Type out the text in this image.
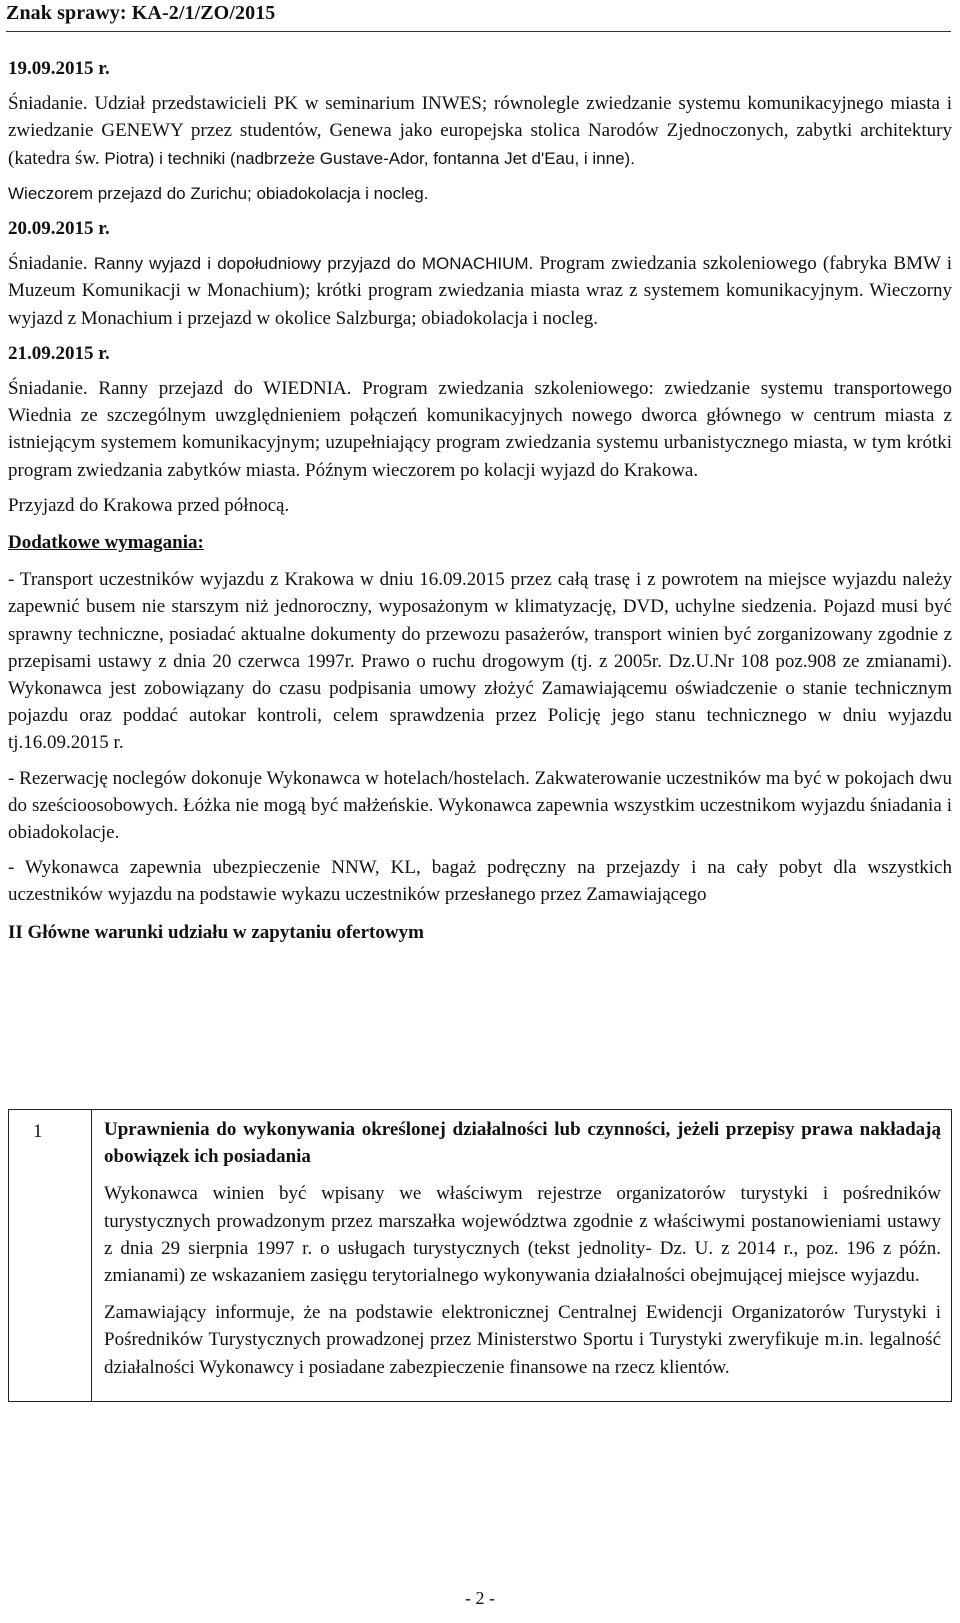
Znak sprawy: KA-2/1/ZO/2015
19.09.2015 r.

Śniadanie. Udział przedstawicieli PK w seminarium INWES; równolegle zwiedzanie systemu komunikacyjnego miasta i zwiedzanie GENEWY przez studentów, Genewa jako europejska stolica Narodów Zjednoczonych, zabytki architektury (katedra św. Piotra) i techniki (nadbrzeże Gustave-Ador, fontanna Jet d'Eau, i inne).

Wieczorem przejazd do Zurichu; obiadokolacja i nocleg.

20.09.2015 r.

Śniadanie. Ranny wyjazd i dopołudniowy przyjazd do MONACHIUM. Program zwiedzania szkoleniowego (fabryka BMW i Muzeum Komunikacji w Monachium); krótki program zwiedzania miasta wraz z systemem komunikacyjnym. Wieczorny wyjazd z Monachium i przejazd w okolice Salzburga; obiadokolacja i nocleg.

21.09.2015 r.

Śniadanie. Ranny przejazd do WIEDNIA. Program zwiedzania szkoleniowego: zwiedzanie systemu transportowego Wiednia ze szczególnym uwzględnieniem połączeń komunikacyjnych nowego dworca głównego w centrum miasta z istniejącym systemem komunikacyjnym; uzupełniający program zwiedzania systemu urbanistycznego miasta, w tym krótki program zwiedzania zabytków miasta. Późnym wieczorem po kolacji wyjazd do Krakowa.

Przyjazd do Krakowa przed północą.

Dodatkowe wymagania:

- Transport uczestników wyjazdu z Krakowa w dniu 16.09.2015 przez całą trasę i z powrotem na miejsce wyjazdu należy zapewnić busem nie starszym niż jednoroczny, wyposażonym w klimatyzację, DVD, uchylne siedzenia. Pojazd musi być sprawny techniczne, posiadać aktualne dokumenty do przewozu pasażerów, transport winien być zorganizowany zgodnie z przepisami ustawy z dnia 20 czerwca 1997r. Prawo o ruchu drogowym (tj. z 2005r. Dz.U.Nr 108 poz.908 ze zmianami). Wykonawca jest zobowiązany do czasu podpisania umowy złożyć Zamawiającemu oświadczenie o stanie technicznym pojazdu oraz poddać autokar kontroli, celem sprawdzenia przez Policję jego stanu technicznego w dniu wyjazdu tj.16.09.2015 r.

- Rezerwację noclegów dokonuje Wykonawca w hotelach/hostelach. Zakwaterowanie uczestników ma być w pokojach dwu do sześcioosobowych. Łóżka nie mogą być małżeńskie. Wykonawca zapewnia wszystkim uczestnikom wyjazdu śniadania i obiadokolacje.

- Wykonawca zapewnia ubezpieczenie NNW, KL, bagaż podręczny na przejazdy i na cały pobyt dla wszystkich uczestników wyjazdu na podstawie wykazu uczestników przesłanego przez Zamawiającego

II Główne warunki udziału w zapytaniu ofertowym
1	Uprawnienia do wykonywania określonej działalności lub czynności, jeżeli przepisy prawa nakładają obowiązek ich posiadania
Wykonawca winien być wpisany we właściwym rejestrze organizatorów turystyki i pośredników turystycznych prowadzonym przez marszałka województwa zgodnie z właściwymi postanowieniami ustawy z dnia 29 sierpnia 1997 r. o usługach turystycznych (tekst jednolity- Dz. U. z 2014 r., poz. 196 z późn. zmianami) ze wskazaniem zasięgu terytorialnego wykonywania działalności obejmującej miejsce wyjazdu.
Zamawiający informuje, że na podstawie elektronicznej Centralnej Ewidencji Organizatorów Turystyki i Pośredników Turystycznych prowadzonej przez Ministerstwo Sportu i Turystyki zweryfikuje m.in. legalność działalności Wykonawcy i posiadane zabezpieczenie finansowe na rzecz klientów.
- 2 -
